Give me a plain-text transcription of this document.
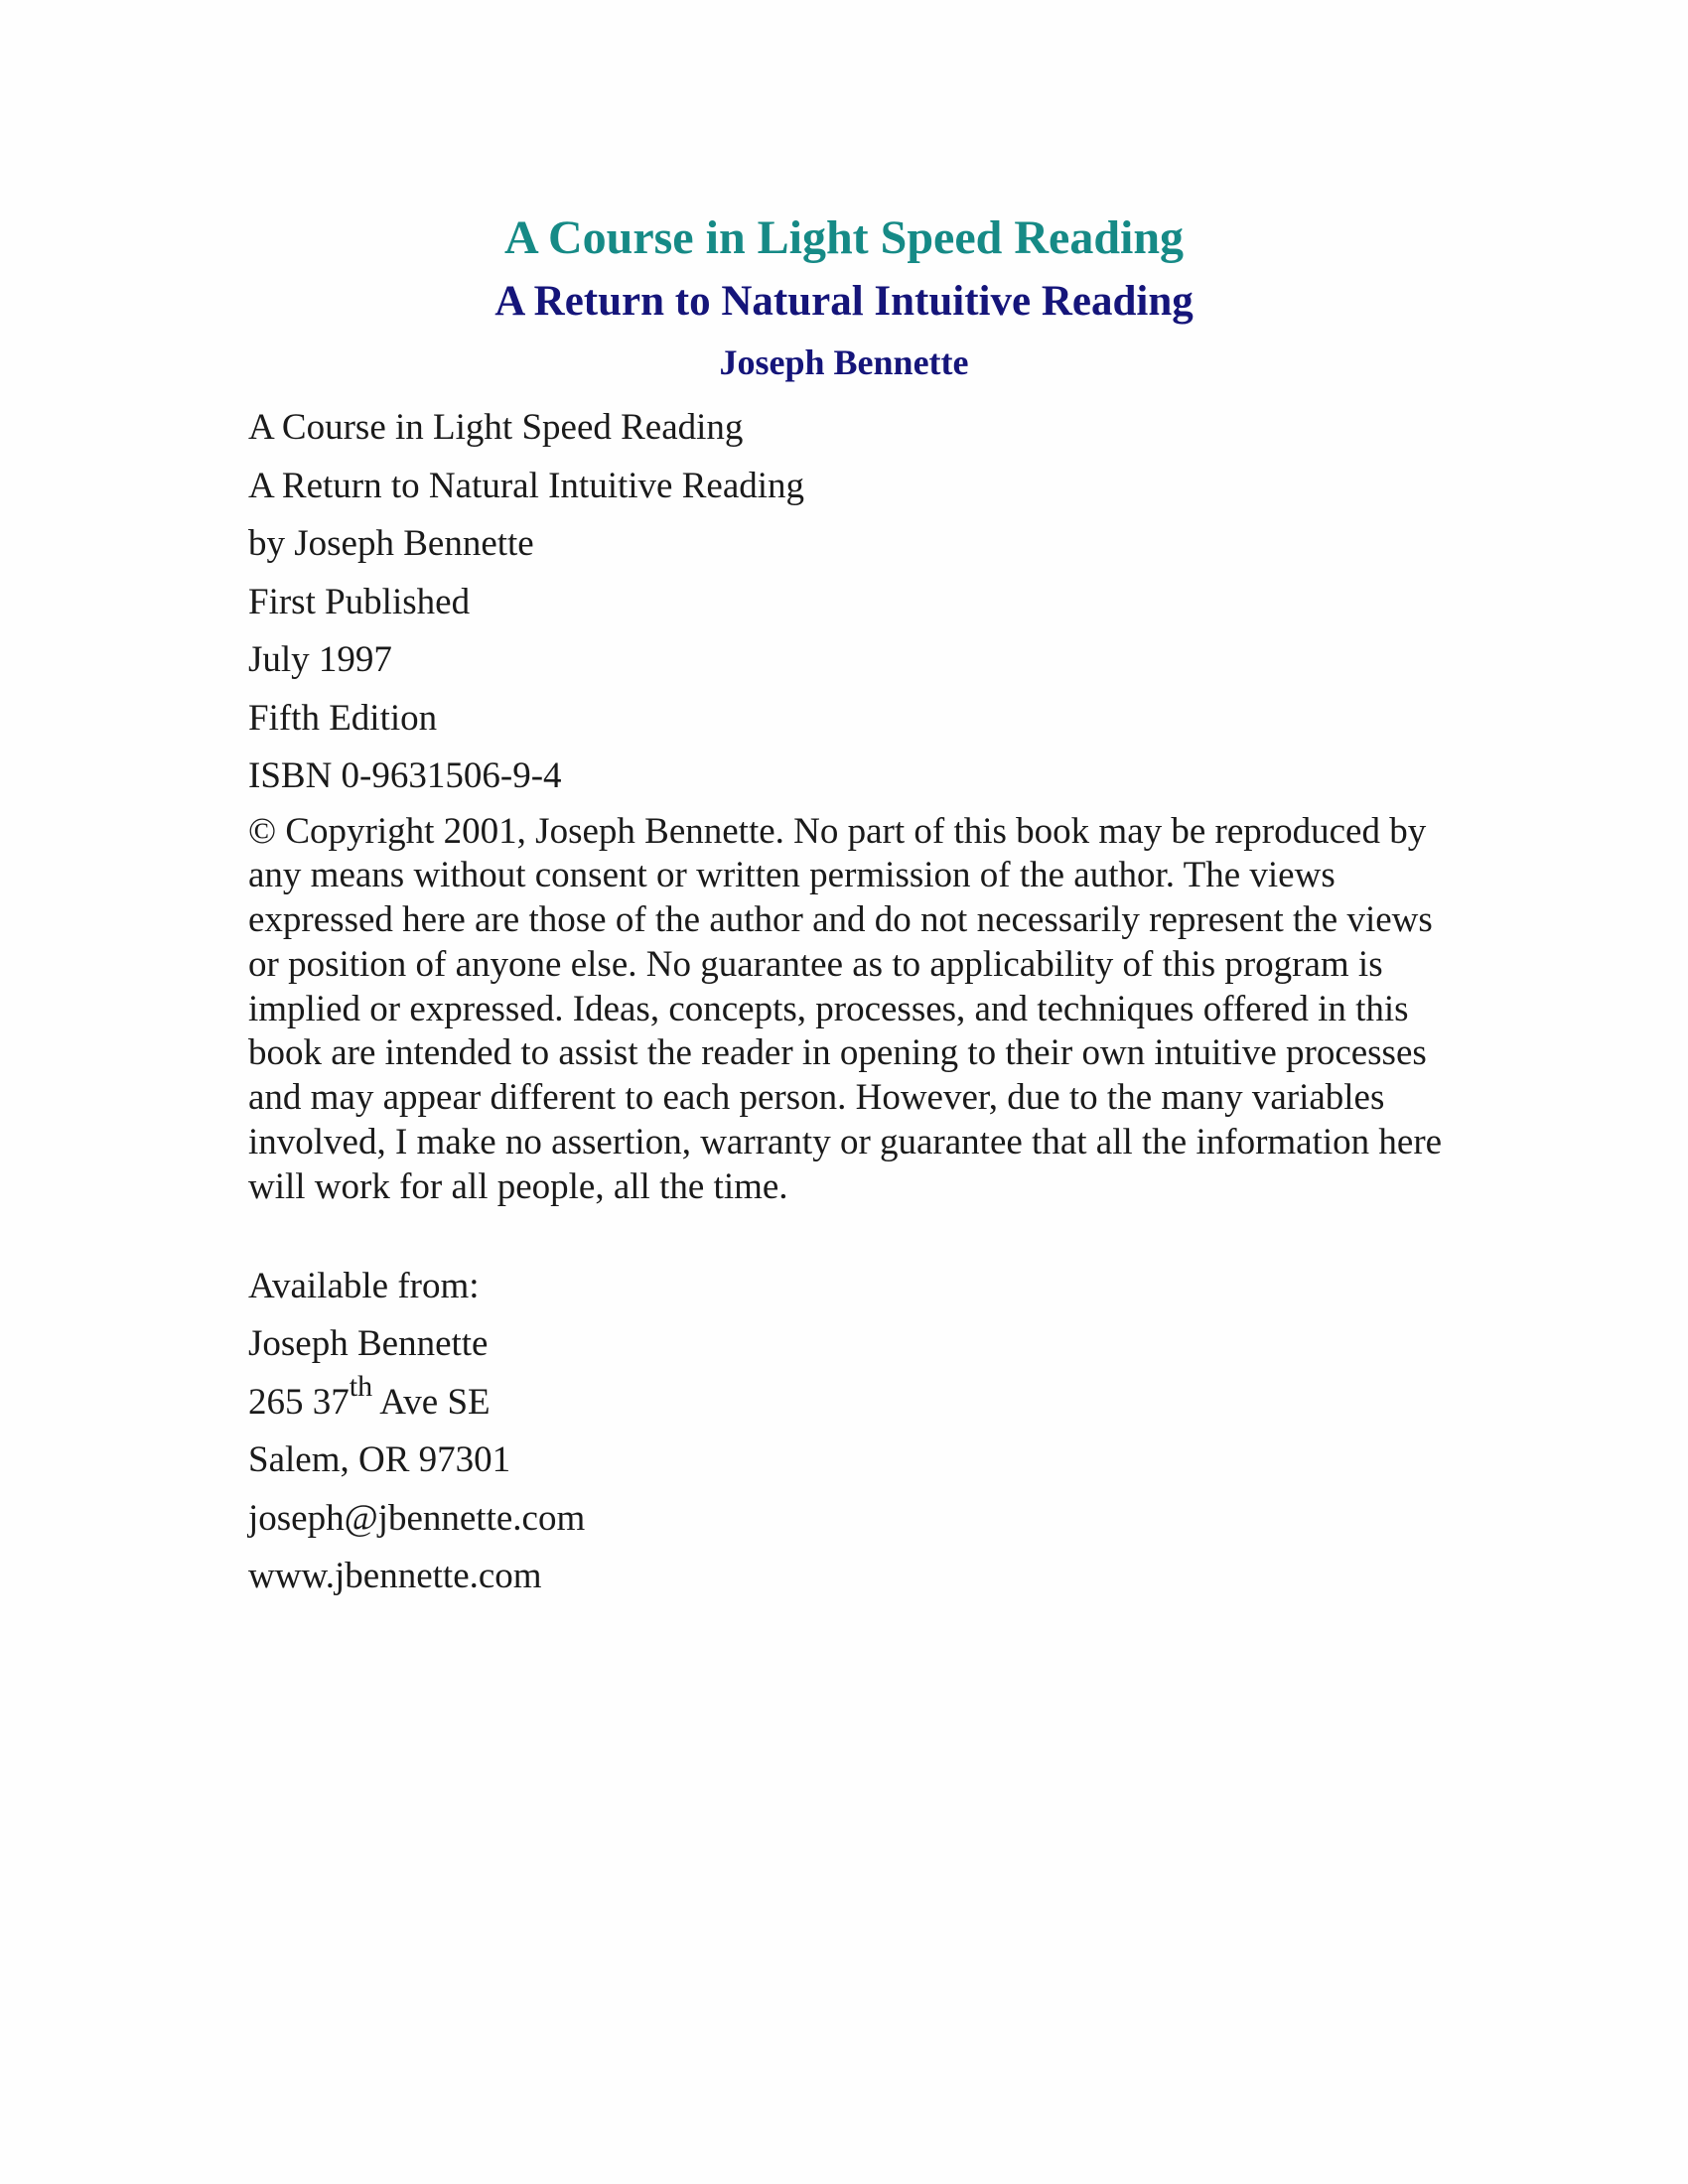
A Course in Light Speed Reading
A Return to Natural Intuitive Reading
Joseph Bennette
A Course in Light Speed Reading
A Return to Natural Intuitive Reading
by Joseph Bennette
First Published
July 1997
Fifth Edition
ISBN 0-9631506-9-4
© Copyright 2001, Joseph Bennette. No part of this book may be reproduced by any means without consent or written permission of the author. The views expressed here are those of the author and do not necessarily represent the views or position of anyone else. No guarantee as to applicability of this program is implied or expressed. Ideas, concepts, processes, and techniques offered in this book are intended to assist the reader in opening to their own intuitive processes and may appear different to each person. However, due to the many variables involved, I make no assertion, warranty or guarantee that all the information here will work for all people, all the time.
Available from:
Joseph Bennette
265 37th Ave SE
Salem, OR 97301
joseph@jbennette.com
www.jbennette.com
